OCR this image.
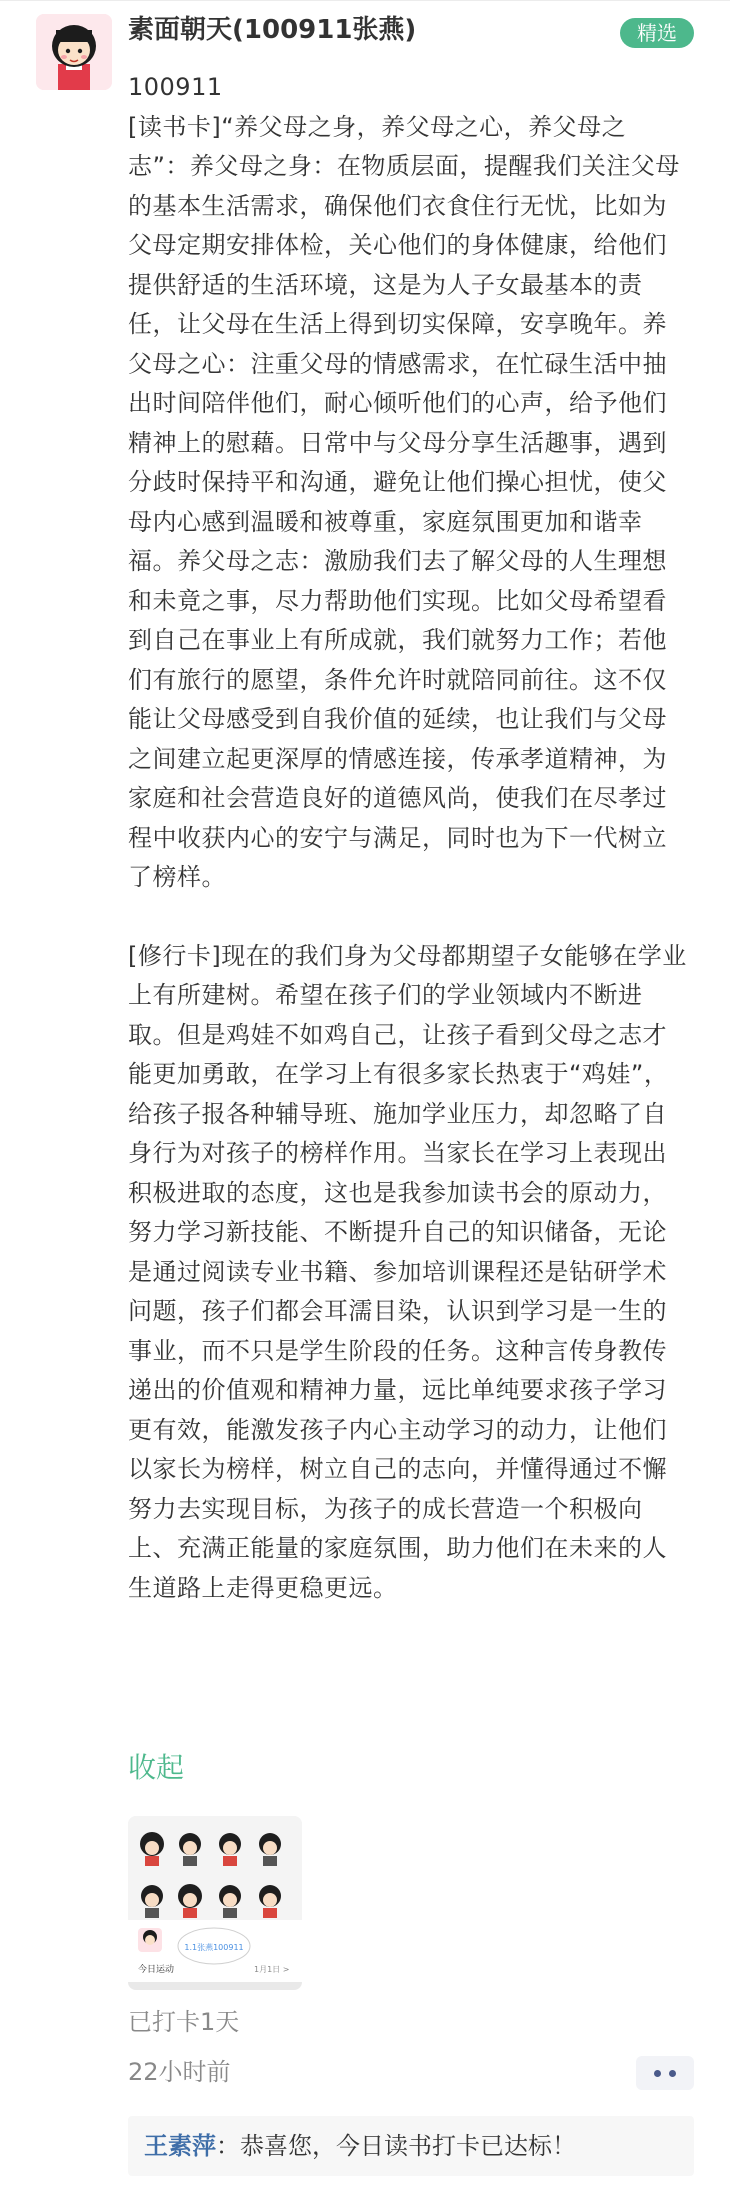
素面朝天(100911张燕)	精选

100911
[读书卡]“养父母之身，养父母之心，养父母之志”：养父母之身：在物质层面，提醒我们关注父母的基本生活需求，确保他们衣食住行无忧，比如为父母定期安排体检，关心他们的身体健康，给他们提供舒适的生活环境，这是为人子女最基本的责任，让父母在生活上得到切实保障，安享晚年。养父母之心：注重父母的情感需求，在忙碌生活中抽出时间陪伴他们，耐心倾听他们的心声，给予他们精神上的慰藉。日常中与父母分享生活趣事，遇到分歧时保持平和沟通，避免让他们操心担忧，使父母内心感到温暖和被尊重，家庭氛围更加和谐幸福。养父母之志：激励我们去了解父母的人生理想和未竟之事，尽力帮助他们实现。比如父母希望看到自己在事业上有所成就，我们就努力工作；若他们有旅行的愿望，条件允许时就陪同前往。这不仅能让父母感受到自我价值的延续，也让我们与父母之间建立起更深厚的情感连接，传承孝道精神，为家庭和社会营造良好的道德风尚，使我们在尽孝过程中收获内心的安宁与满足，同时也为下一代树立了榜样。

[修行卡]现在的我们身为父母都期望子女能够在学业上有所建树。希望在孩子们的学业领域内不断进取。但是鸡娃不如鸡自己，让孩子看到父母之志才能更加勇敢，在学习上有很多家长热衷于“鸡娃”，给孩子报各种辅导班、施加学业压力，却忽略了自身行为对孩子的榜样作用。当家长在学习上表现出积极进取的态度，这也是我参加读书会的原动力，努力学习新技能、不断提升自己的知识储备，无论是通过阅读专业书籍、参加培训课程还是钻研学术问题，孩子们都会耳濡目染，认识到学习是一生的事业，而不只是学生阶段的任务。这种言传身教传递出的价值观和精神力量，远比单纯要求孩子学习更有效，能激发孩子内心主动学习的动力，让他们以家长为榜样，树立自己的志向，并懂得通过不懈努力去实现目标，为孩子的成长营造一个积极向上、充满正能量的家庭氛围，助力他们在未来的人生道路上走得更稳更远。

收起
1.1张燕100911
今日运动	1月1日 >
已打卡1天
22小时前
王素萍：恭喜您，今日读书打卡已达标！
